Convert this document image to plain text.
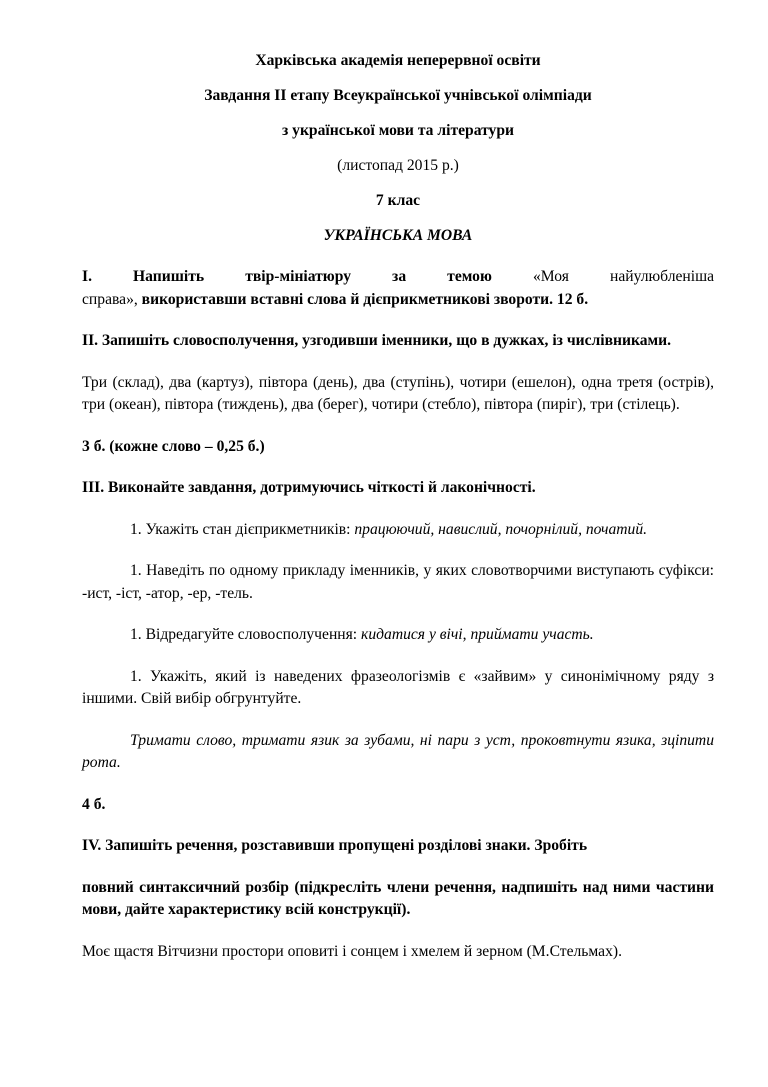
Харківська академія неперервної освіти
Завдання ІІ етапу Всеукраїнської учнівської олімпіади
з української мови та літератури
(листопад 2015 р.)
7 клас
УКРАЇНСЬКА МОВА

І.	Напишіть твір-мініатюру за темою	«Моя найулюбленіша
справа», використавши вставні слова й дієприкметникові звороти. 12 б.

ІІ. Запишіть словосполучення, узгодивши іменники, що в дужках, із числівниками.

Три (склад), два (картуз), півтора (день), два (ступінь), чотири (ешелон), одна третя (острів), три (океан), півтора (тиждень), два (берег), чотири (стебло), півтора (пиріг), три (стілець).

3 б. (кожне слово – 0,25 б.)

ІІІ. Виконайте завдання, дотримуючись чіткості й лаконічності.

1. Укажіть стан дієприкметників: працюючий, навислий, почорнілий, початий.

1. Наведіть по одному прикладу іменників, у яких словотворчими виступають суфікси: -ист, -іст, -атор, -ер, -тель.

1. Відредагуйте словосполучення: кидатися у вічі, приймати участь.

1. Укажіть, який із наведених фразеологізмів є «зайвим» у синонімічному ряду з іншими. Свій вибір обгрунтуйте.

Тримати слово, тримати язик за зубами, ні пари з уст, проковтнути язика, зціпити рота.

4 б.

IV. Запишіть речення, розставивши пропущені розділові знаки. Зробіть

повний синтаксичний розбір (підкресліть члени речення, надпишіть над ними частини мови, дайте характеристику всій конструкції).

Моє щастя Вітчизни простори оповиті і сонцем і хмелем й зерном (М.Стельмах).
